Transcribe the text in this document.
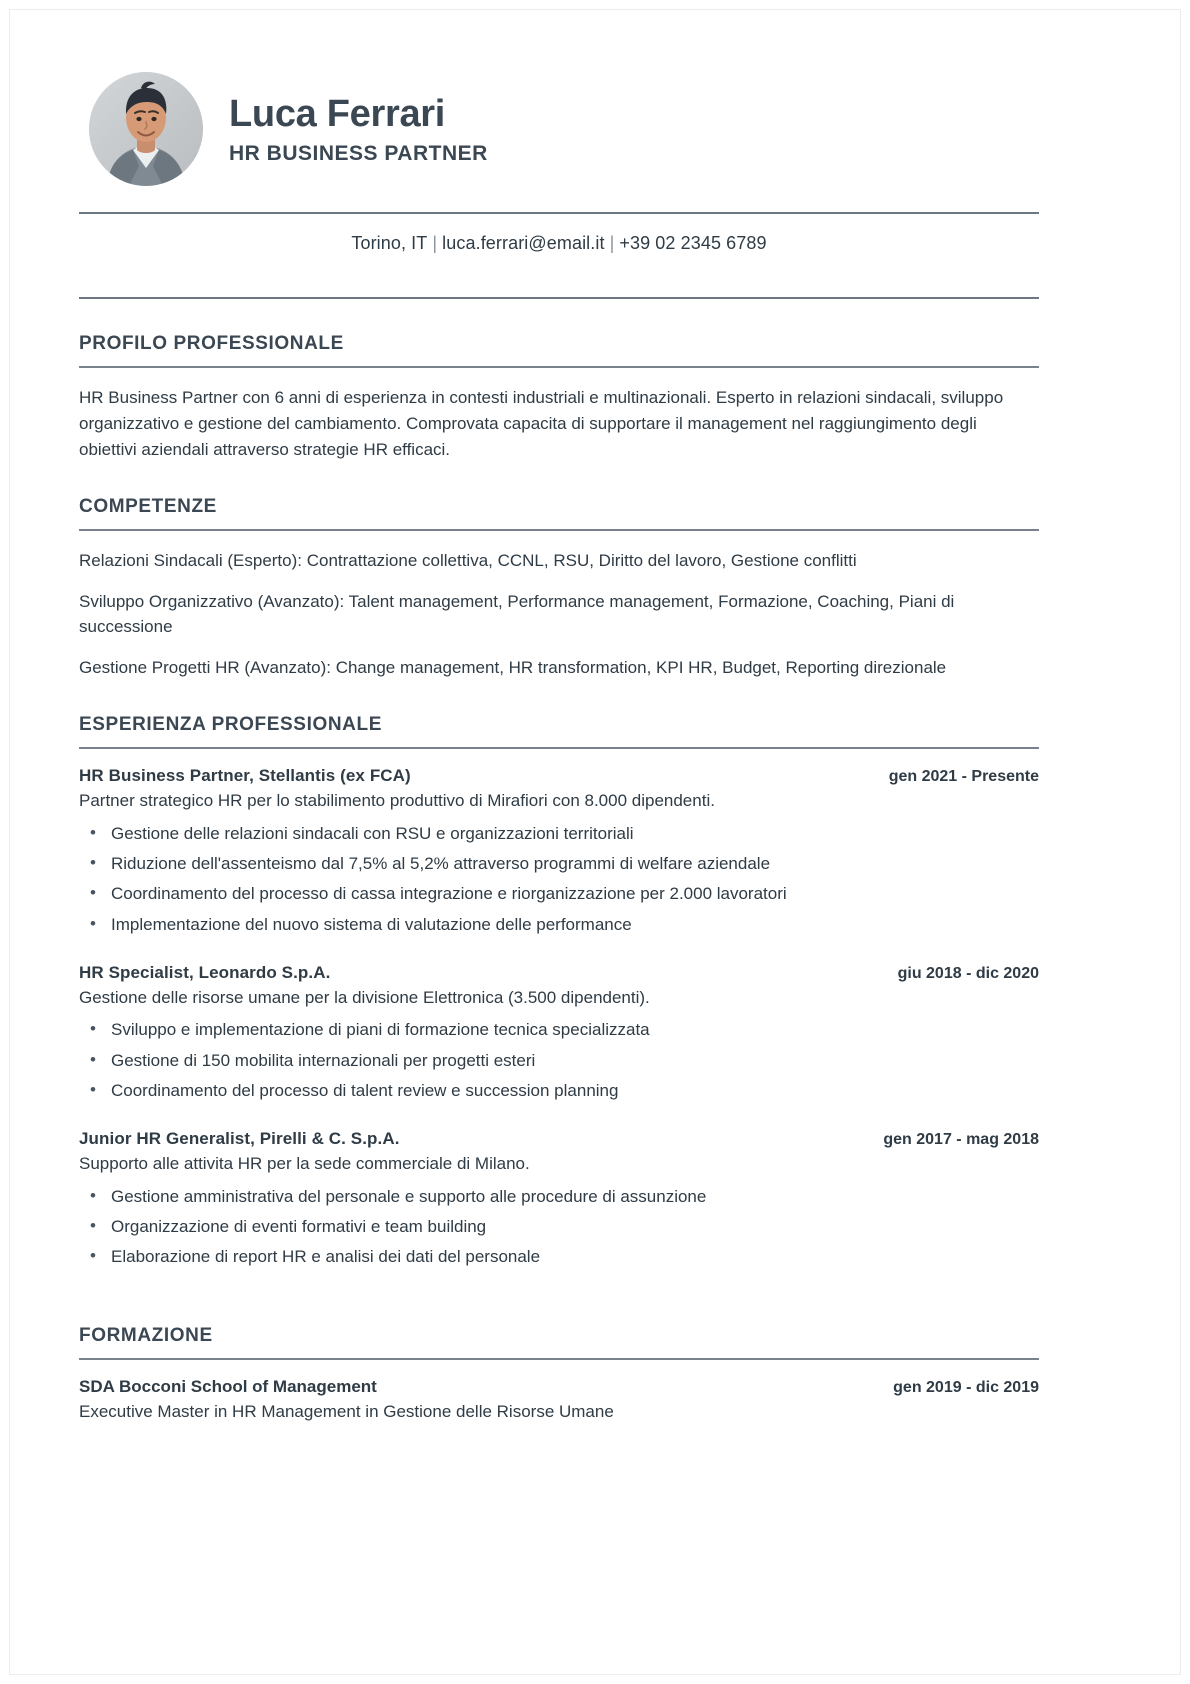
Luca Ferrari
HR BUSINESS PARTNER
Torino, IT | luca.ferrari@email.it | +39 02 2345 6789
PROFILO PROFESSIONALE

HR Business Partner con 6 anni di esperienza in contesti industriali e multinazionali. Esperto in relazioni sindacali, sviluppo organizzativo e gestione del cambiamento. Comprovata capacita di supportare il management nel raggiungimento degli obiettivi aziendali attraverso strategie HR efficaci.

COMPETENZE

Relazioni Sindacali (Esperto): Contrattazione collettiva, CCNL, RSU, Diritto del lavoro, Gestione conflitti

Sviluppo Organizzativo (Avanzato): Talent management, Performance management, Formazione, Coaching, Piani di successione

Gestione Progetti HR (Avanzato): Change management, HR transformation, KPI HR, Budget, Reporting direzionale

ESPERIENZA PROFESSIONALE
HR Business Partner, Stellantis (ex FCA)	gen 2021 - Presente
Partner strategico HR per lo stabilimento produttivo di Mirafiori con 8.000 dipendenti.
• Gestione delle relazioni sindacali con RSU e organizzazioni territoriali
• Riduzione dell'assenteismo dal 7,5% al 5,2% attraverso programmi di welfare aziendale
• Coordinamento del processo di cassa integrazione e riorganizzazione per 2.000 lavoratori
• Implementazione del nuovo sistema di valutazione delle performance
HR Specialist, Leonardo S.p.A.	giu 2018 - dic 2020
Gestione delle risorse umane per la divisione Elettronica (3.500 dipendenti).
• Sviluppo e implementazione di piani di formazione tecnica specializzata
• Gestione di 150 mobilita internazionali per progetti esteri
• Coordinamento del processo di talent review e succession planning
Junior HR Generalist, Pirelli & C. S.p.A.	gen 2017 - mag 2018
Supporto alle attivita HR per la sede commerciale di Milano.
• Gestione amministrativa del personale e supporto alle procedure di assunzione
• Organizzazione di eventi formativi e team building
• Elaborazione di report HR e analisi dei dati del personale
FORMAZIONE
SDA Bocconi School of Management	gen 2019 - dic 2019
Executive Master in HR Management in Gestione delle Risorse Umane
